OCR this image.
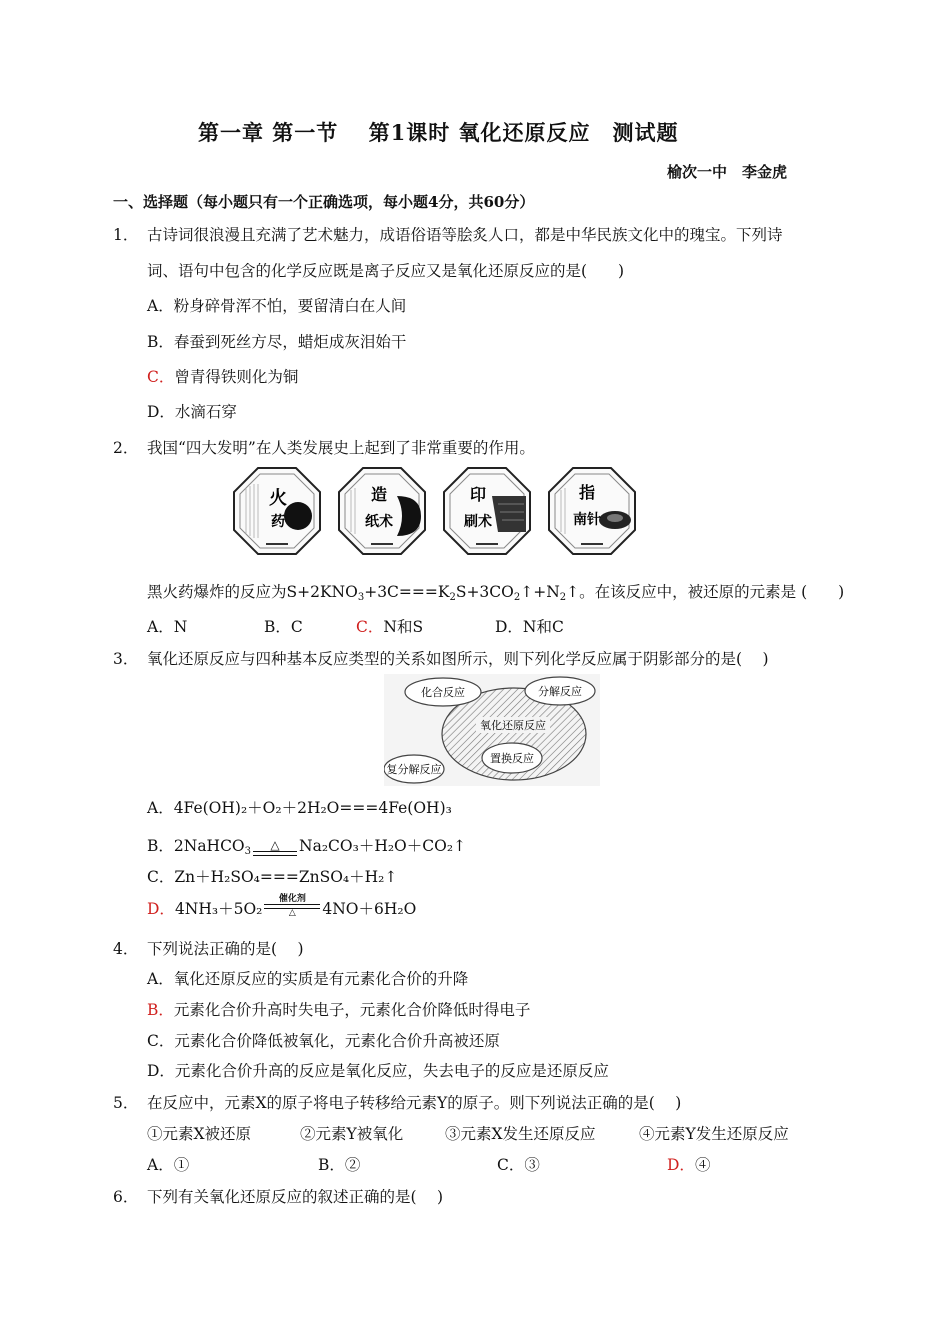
第一章 第一节　 第1课时 氧化还原反应　测试题
榆次一中　李金虎
一、选择题（每小题只有一个正确选项，每小题4分，共60分）
1． 古诗词很浪漫且充满了艺术魅力，成语俗语等脍炙人口，都是中华民族文化中的瑰宝。下列诗
词、语句中包含的化学反应既是离子反应又是氧化还原反应的是(　　)
A．粉身碎骨浑不怕，要留清白在人间
B．春蚕到死丝方尽，蜡炬成灰泪始干
C．曾青得铁则化为铜
D．水滴石穿
2． 我国“四大发明”在人类发展史上起到了非常重要的作用。
火
药

造
纸术

印
刷术

指
南针
黑火药爆炸的反应为$S+2KNO_3+3C===K_2S+3CO_2↑+N_2↑$。在该反应中，被还原的元素是 (　　)
A．N	B．C	C．N和S	D．N和C
3． 氧化还原反应与四种基本反应类型的关系如图所示，则下列化学反应属于阴影部分的是(　 )
化合反应	分解反应
氧化还原反应
置换反应
复分解反应
A．4Fe(OH)₂＋O₂＋2H₂O===4Fe(OH)₃
B．2NaHCO$_3$	△	Na₂CO₃＋H₂O＋CO₂↑
C．Zn＋H₂SO₄===ZnSO₄＋H₂↑
D．4NH₃＋5O₂
催化剂
△	4NO＋6H₂O
4． 下列说法正确的是(　 )
A．氧化还原反应的实质是有元素化合价的升降
B．元素化合价升高时失电子，元素化合价降低时得电子
C．元素化合价降低被氧化，元素化合价升高被还原
D．元素化合价升高的反应是氧化反应，失去电子的反应是还原反应
5． 在反应中，元素X的原子将电子转移给元素Y的原子。则下列说法正确的是(　 )
①元素X被还原	②元素Y被氧化	③元素X发生还原反应	④元素Y发生还原反应
A．①	B．②	C．③	D．④
6． 下列有关氧化还原反应的叙述正确的是(　 )
